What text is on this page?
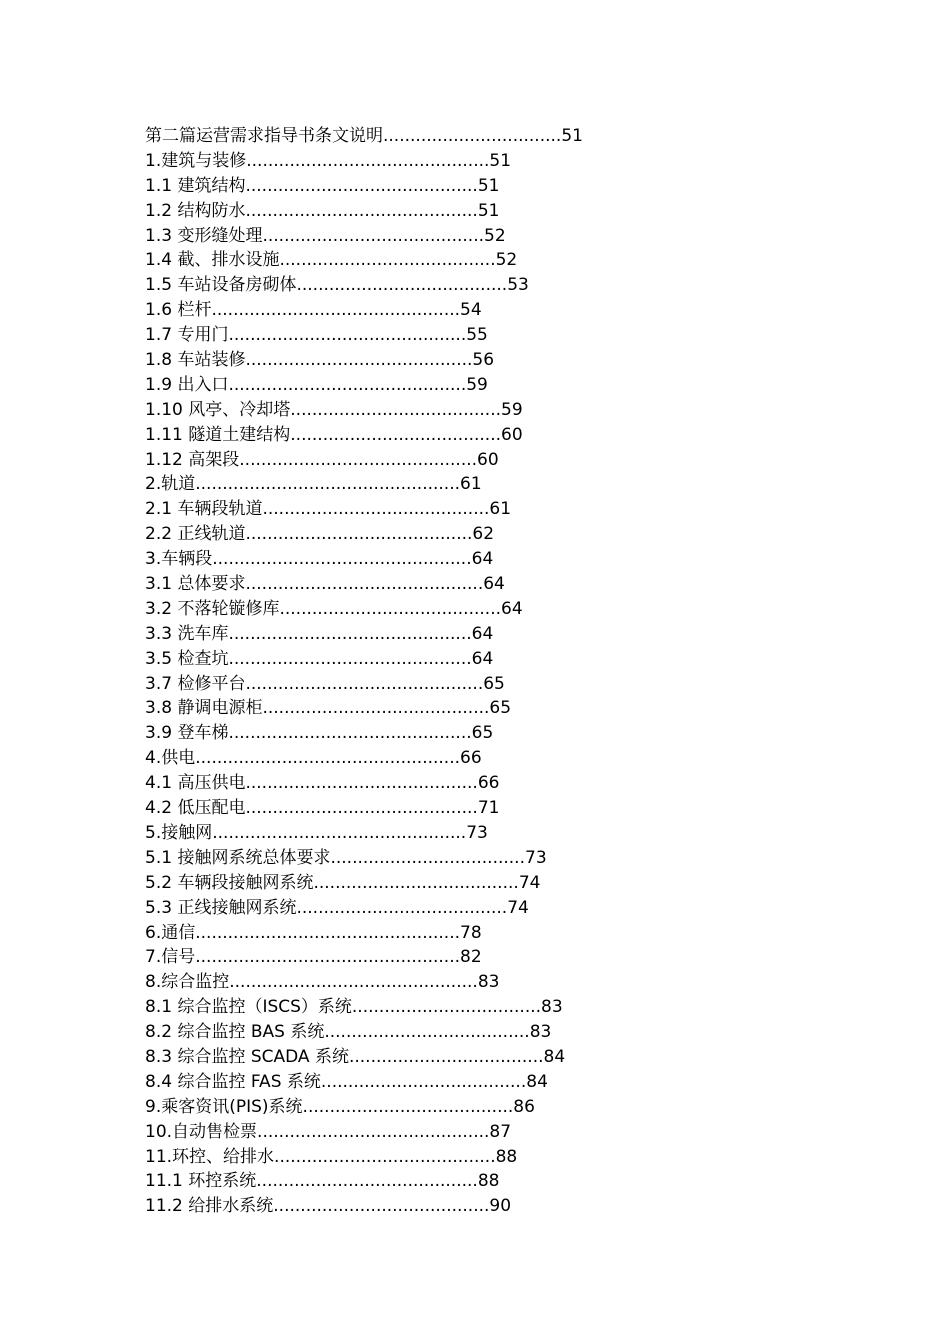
第二篇运营需求指导书条文说明.................................51
1.建筑与装修.............................................51
1.1 建筑结构...........................................51
1.2 结构防水...........................................51
1.3 变形缝处理.........................................52
1.4 截、排水设施........................................52
1.5 车站设备房砌体.......................................53
1.6 栏杆..............................................54
1.7 专用门............................................55
1.8 车站装修..........................................56
1.9 出入口............................................59
1.10 风亭、冷却塔.......................................59
1.11 隧道土建结构.......................................60
1.12 高架段............................................60
2.轨道.................................................61
2.1 车辆段轨道..........................................61
2.2 正线轨道..........................................62
3.车辆段................................................64
3.1 总体要求............................................64
3.2 不落轮镟修库.........................................64
3.3 洗车库.............................................64
3.5 检查坑.............................................64
3.7 检修平台............................................65
3.8 静调电源柜..........................................65
3.9 登车梯.............................................65
4.供电.................................................66
4.1 高压供电...........................................66
4.2 低压配电...........................................71
5.接触网...............................................73
5.1 接触网系统总体要求....................................73
5.2 车辆段接触网系统......................................74
5.3 正线接触网系统.......................................74
6.通信.................................................78
7.信号.................................................82
8.综合监控..............................................83
8.1 综合监控（ISCS）系统...................................83
8.2 综合监控 BAS 系统......................................83
8.3 综合监控 SCADA 系统....................................84
8.4 综合监控 FAS 系统......................................84
9.乘客资讯(PIS)系统.......................................86
10.自动售检票...........................................87
11.环控、给排水.........................................88
11.1 环控系统.........................................88
11.2 给排水系统........................................90
